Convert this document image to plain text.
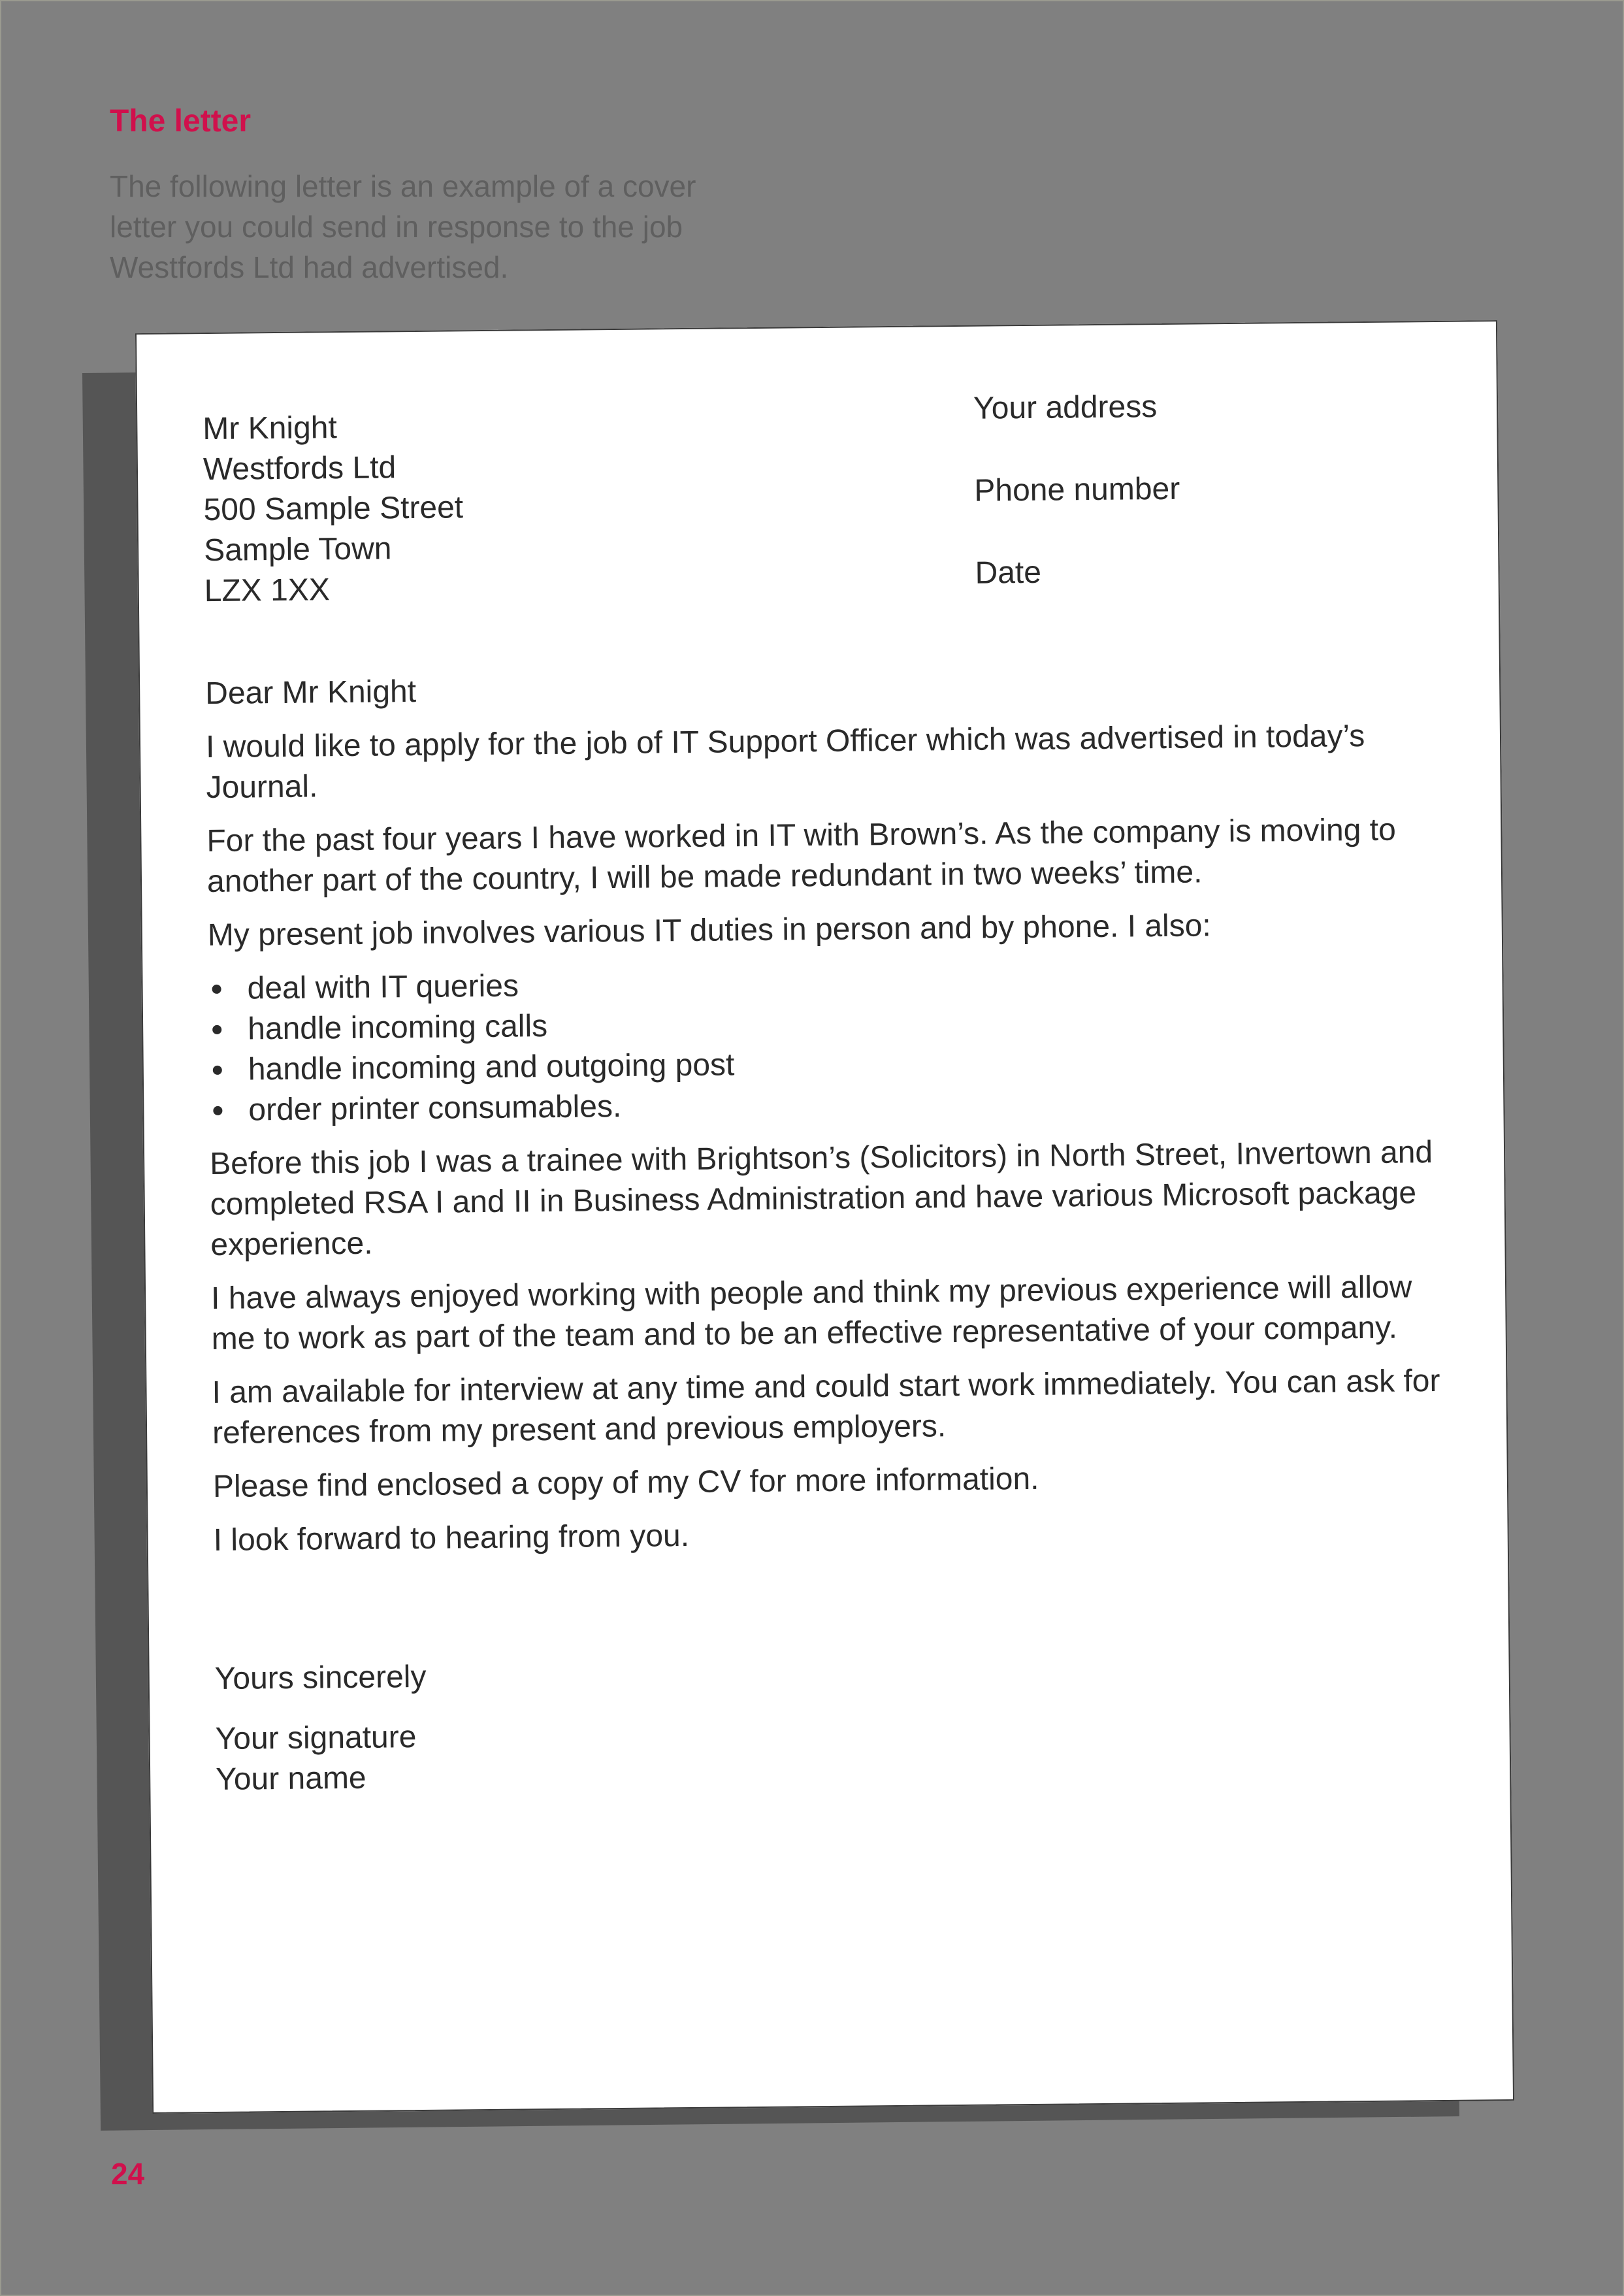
The letter

The following letter is an example of a cover letter you could send in response to the job Westfords Ltd had advertised.

Mr Knight
Westfords Ltd
500 Sample Street
Sample Town
LZX 1XX
Your address
Phone number
Date
Dear Mr Knight

I would like to apply for the job of IT Support Officer which was advertised in today’s Journal.

For the past four years I have worked in IT with Brown’s. As the company is moving to another part of the country, I will be made redundant in two weeks’ time.

My present job involves various IT duties in person and by phone. I also:

deal with IT queries
handle incoming calls
handle incoming and outgoing post
order printer consumables.

Before this job I was a trainee with Brightson’s (Solicitors) in North Street, Invertown and completed RSA I and II in Business Administration and have various Microsoft package experience.

I have always enjoyed working with people and think my previous experience will allow me to work as part of the team and to be an effective representative of your company.

I am available for interview at any time and could start work immediately. You can ask for references from my present and previous employers.

Please find enclosed a copy of my CV for more information.

I look forward to hearing from you.

Yours sincerely
Your signature
Your name
24
